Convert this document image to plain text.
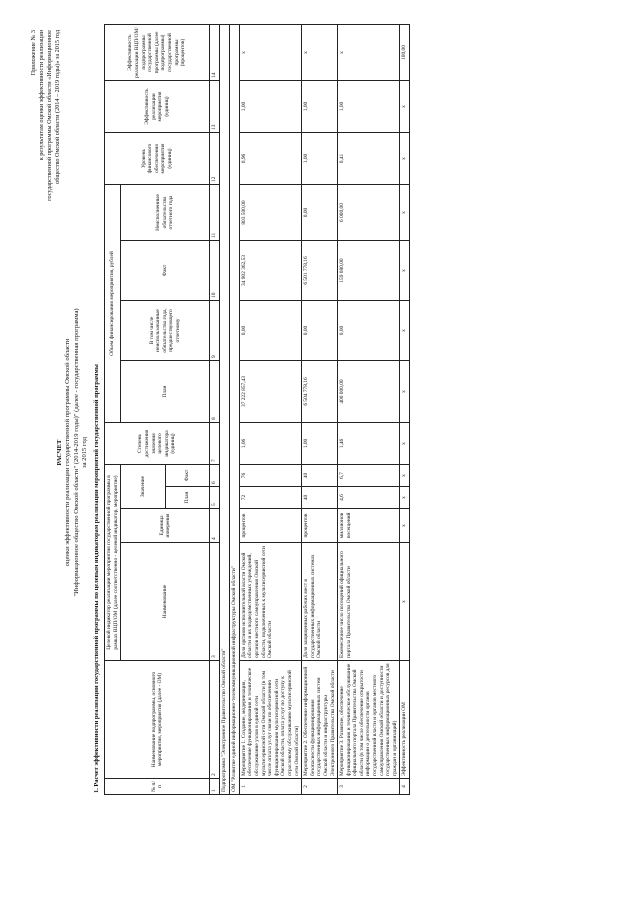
Приложение № 3 к результатам оценки эффективности реализации государственной программы Омской области «Информационное общество Омской области (2014 – 2019 годы)» за 2015 год
РАСЧЕТ оценки эффективности реализации государственной программы Омской области "Информационное общество Омской области" (2014-2019 годы)" (далее - государственная программа) за 2015 год 1. Расчет эффективности реализации государственной программы по целевым индикаторам реализации мероприятий государственной программы	№ п/п	Наименование подпрограммы, основного мероприятия, мероприятия (далее - ОМ)	Целевой индикатор реализации мероприятия государственной программы в рамках ВЦП/ОМ (далее соответственно - целевой индикатор, мероприятие)				Степень достижения значения целевого индикатора (единиц)	Объем финансирования мероприятия, рублей				Уровень финансового обеспечения мероприятия (единиц)	Эффективность реализации мероприятия (единиц)	Эффективность реализации ВЦП/ОМ/подпрограммы государственной программы (далее подпрограммы) государственной программы (процентов)
		Наименование	Единица измерения	Значение			План	В том числе неиспользованные обязательства года, предшествующего отчетному	Факт	Неисполненные обязательства отчетного года			
				План	Факт								
1	2	3	4	5	6	7	8	9	10	11	12	13	14
Подпрограмма "Электронное Правительство Омской области"													
ОМ "Развитие единой информационно-телекоммуникационной инфраструктуры Омской области"													
1	Мероприятие 1. Создание, модернизация, обеспечение функционирования и техническое обслуживание узлов в единой сети мультисервисной сети Омской области (в том числе оплата услуг связи по обеспечению функционирования мультисервисной сети Омской области, оплата услуг по доступу к отраслевому обслуживанию мультисервисной сети Омской области)	Доля органов исполнительной власти Омской области и их подведомственных учреждений, органов местного самоуправления Омской области, подключенных к мультисервисной сети Омской области	процентов	72	76	1,06	37 222 857,43	0,00	34 902 362,53	803 500,00	0,96	1,00	x
2	Мероприятие 2. Обеспечение информационной безопасности функционирования государственных информационных систем Омской области и инфраструктуры Электронного Правительства Омской области	Доля защищенных рабочих мест в государственных информационных системах Омской области	процентов	40	40	1,00	6 504 778,16	0,00	6 501 778,16	0,00	1,00	1,00	x
3	Мероприятие 3. Развитие, обеспечение функционирования и техническое обслуживание официального портала Правительства Омской области (в том числе обеспечение открытости информации о деятельности органов государственной власти и органов местного самоуправления Омской области и доступности государственных информационных ресурсов для граждан и организаций)	Ежемесячное число посещений официального портала Правительства Омской области	миллионов посещений	4,6	6,7	1,46	400 000,00	0,00	159 080,00	6 000,00	0,41	1,00	x
4	Эффективность реализации ОМ	x	x	x	x	x	x	x	x	x	x	x	100,00
